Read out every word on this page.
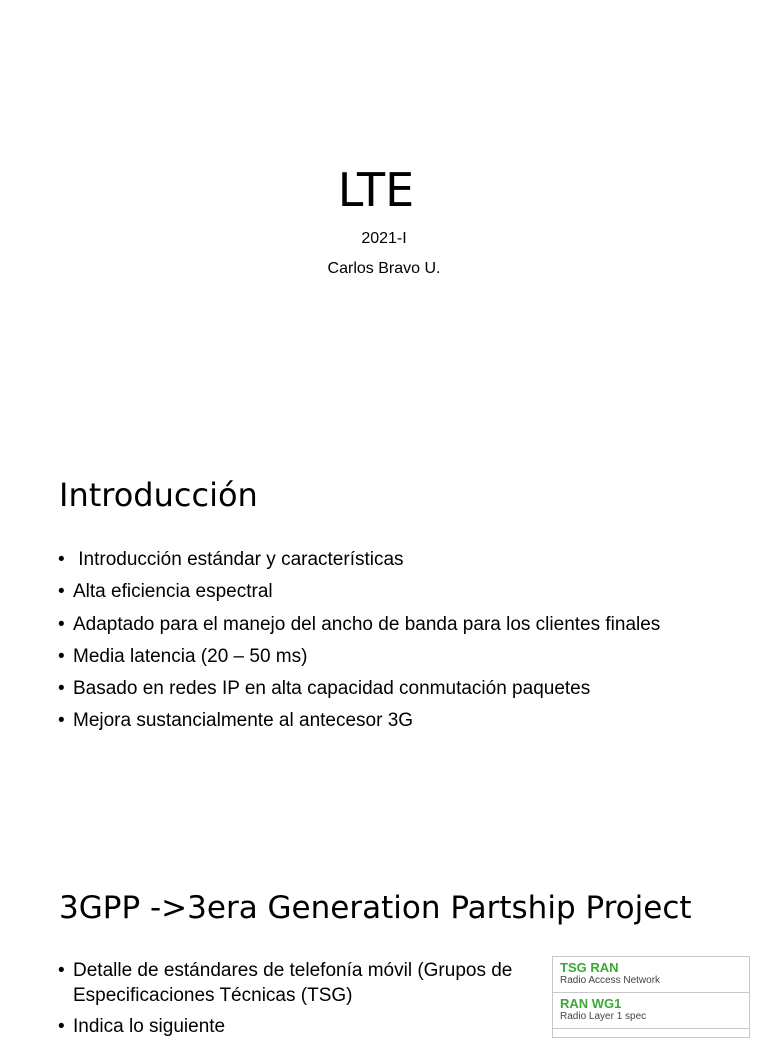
LTE
2021-I
Carlos Bravo U.
Introducción
• Introducción estándar y características
• Alta eficiencia espectral
• Adaptado para el manejo del ancho de banda para los clientes finales
• Media latencia (20 – 50 ms)
• Basado en redes IP en alta capacidad conmutación paquetes
• Mejora sustancialmente al antecesor 3G
3GPP ->3era Generation Partship Project
• Detalle de estándares de telefonía móvil (Grupos de Especificaciones Técnicas (TSG)
• Indica lo siguiente
TSG RAN
Radio Access Network
RAN WG1
Radio Layer 1 spec
